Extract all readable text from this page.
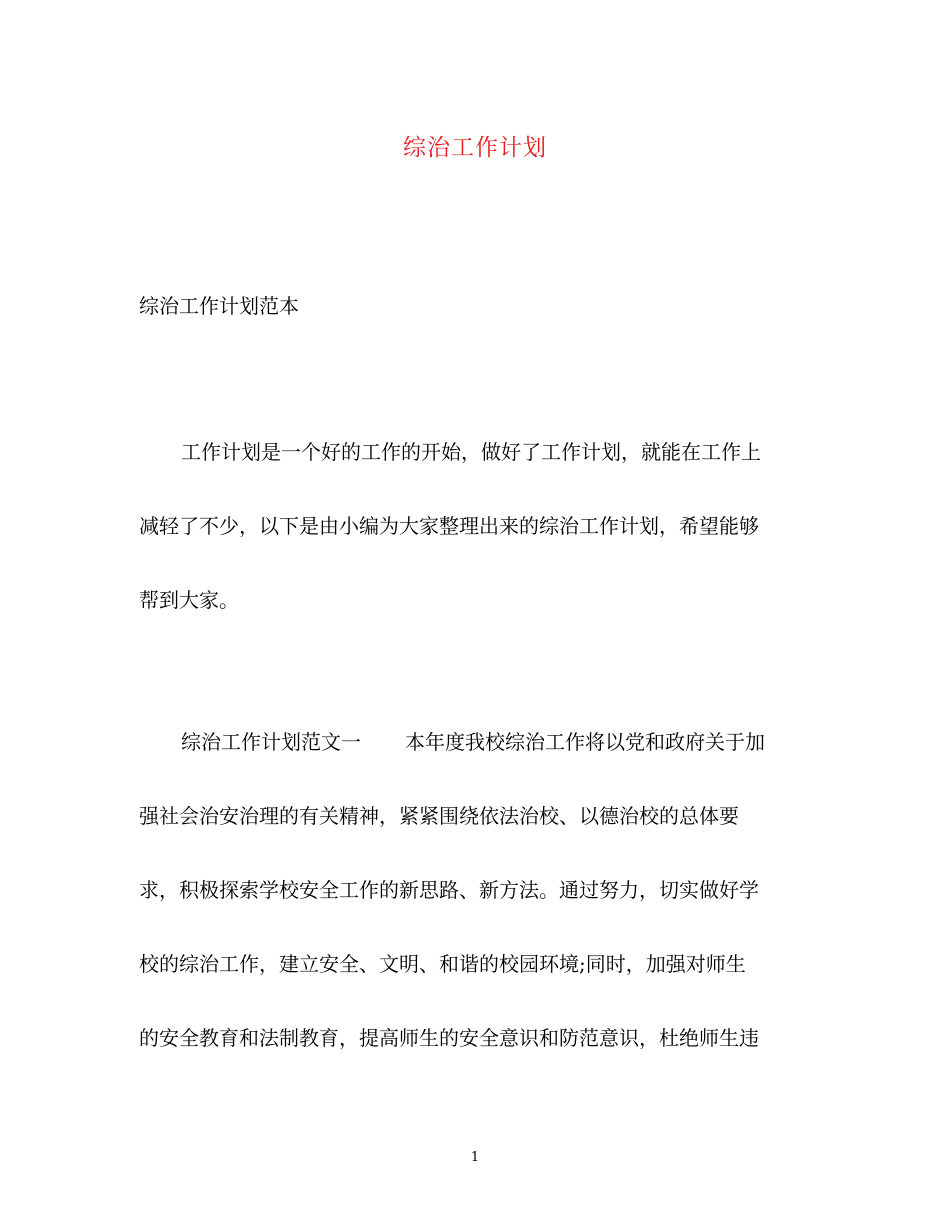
综治工作计划
综治工作计划范本
工作计划是一个好的工作的开始，做好了工作计划，就能在工作上
减轻了不少，以下是由小编为大家整理出来的综治工作计划，希望能够
帮到大家。
综治工作计划范文一 本年度我校综治工作将以党和政府关于加
强社会治安治理的有关精神，紧紧围绕依法治校、以德治校的总体要
求，积极探索学校安全工作的新思路、新方法。通过努力，切实做好学
校的综治工作，建立安全、文明、和谐的校园环境;同时，加强对师生
的安全教育和法制教育，提高师生的安全意识和防范意识，杜绝师生违
1
